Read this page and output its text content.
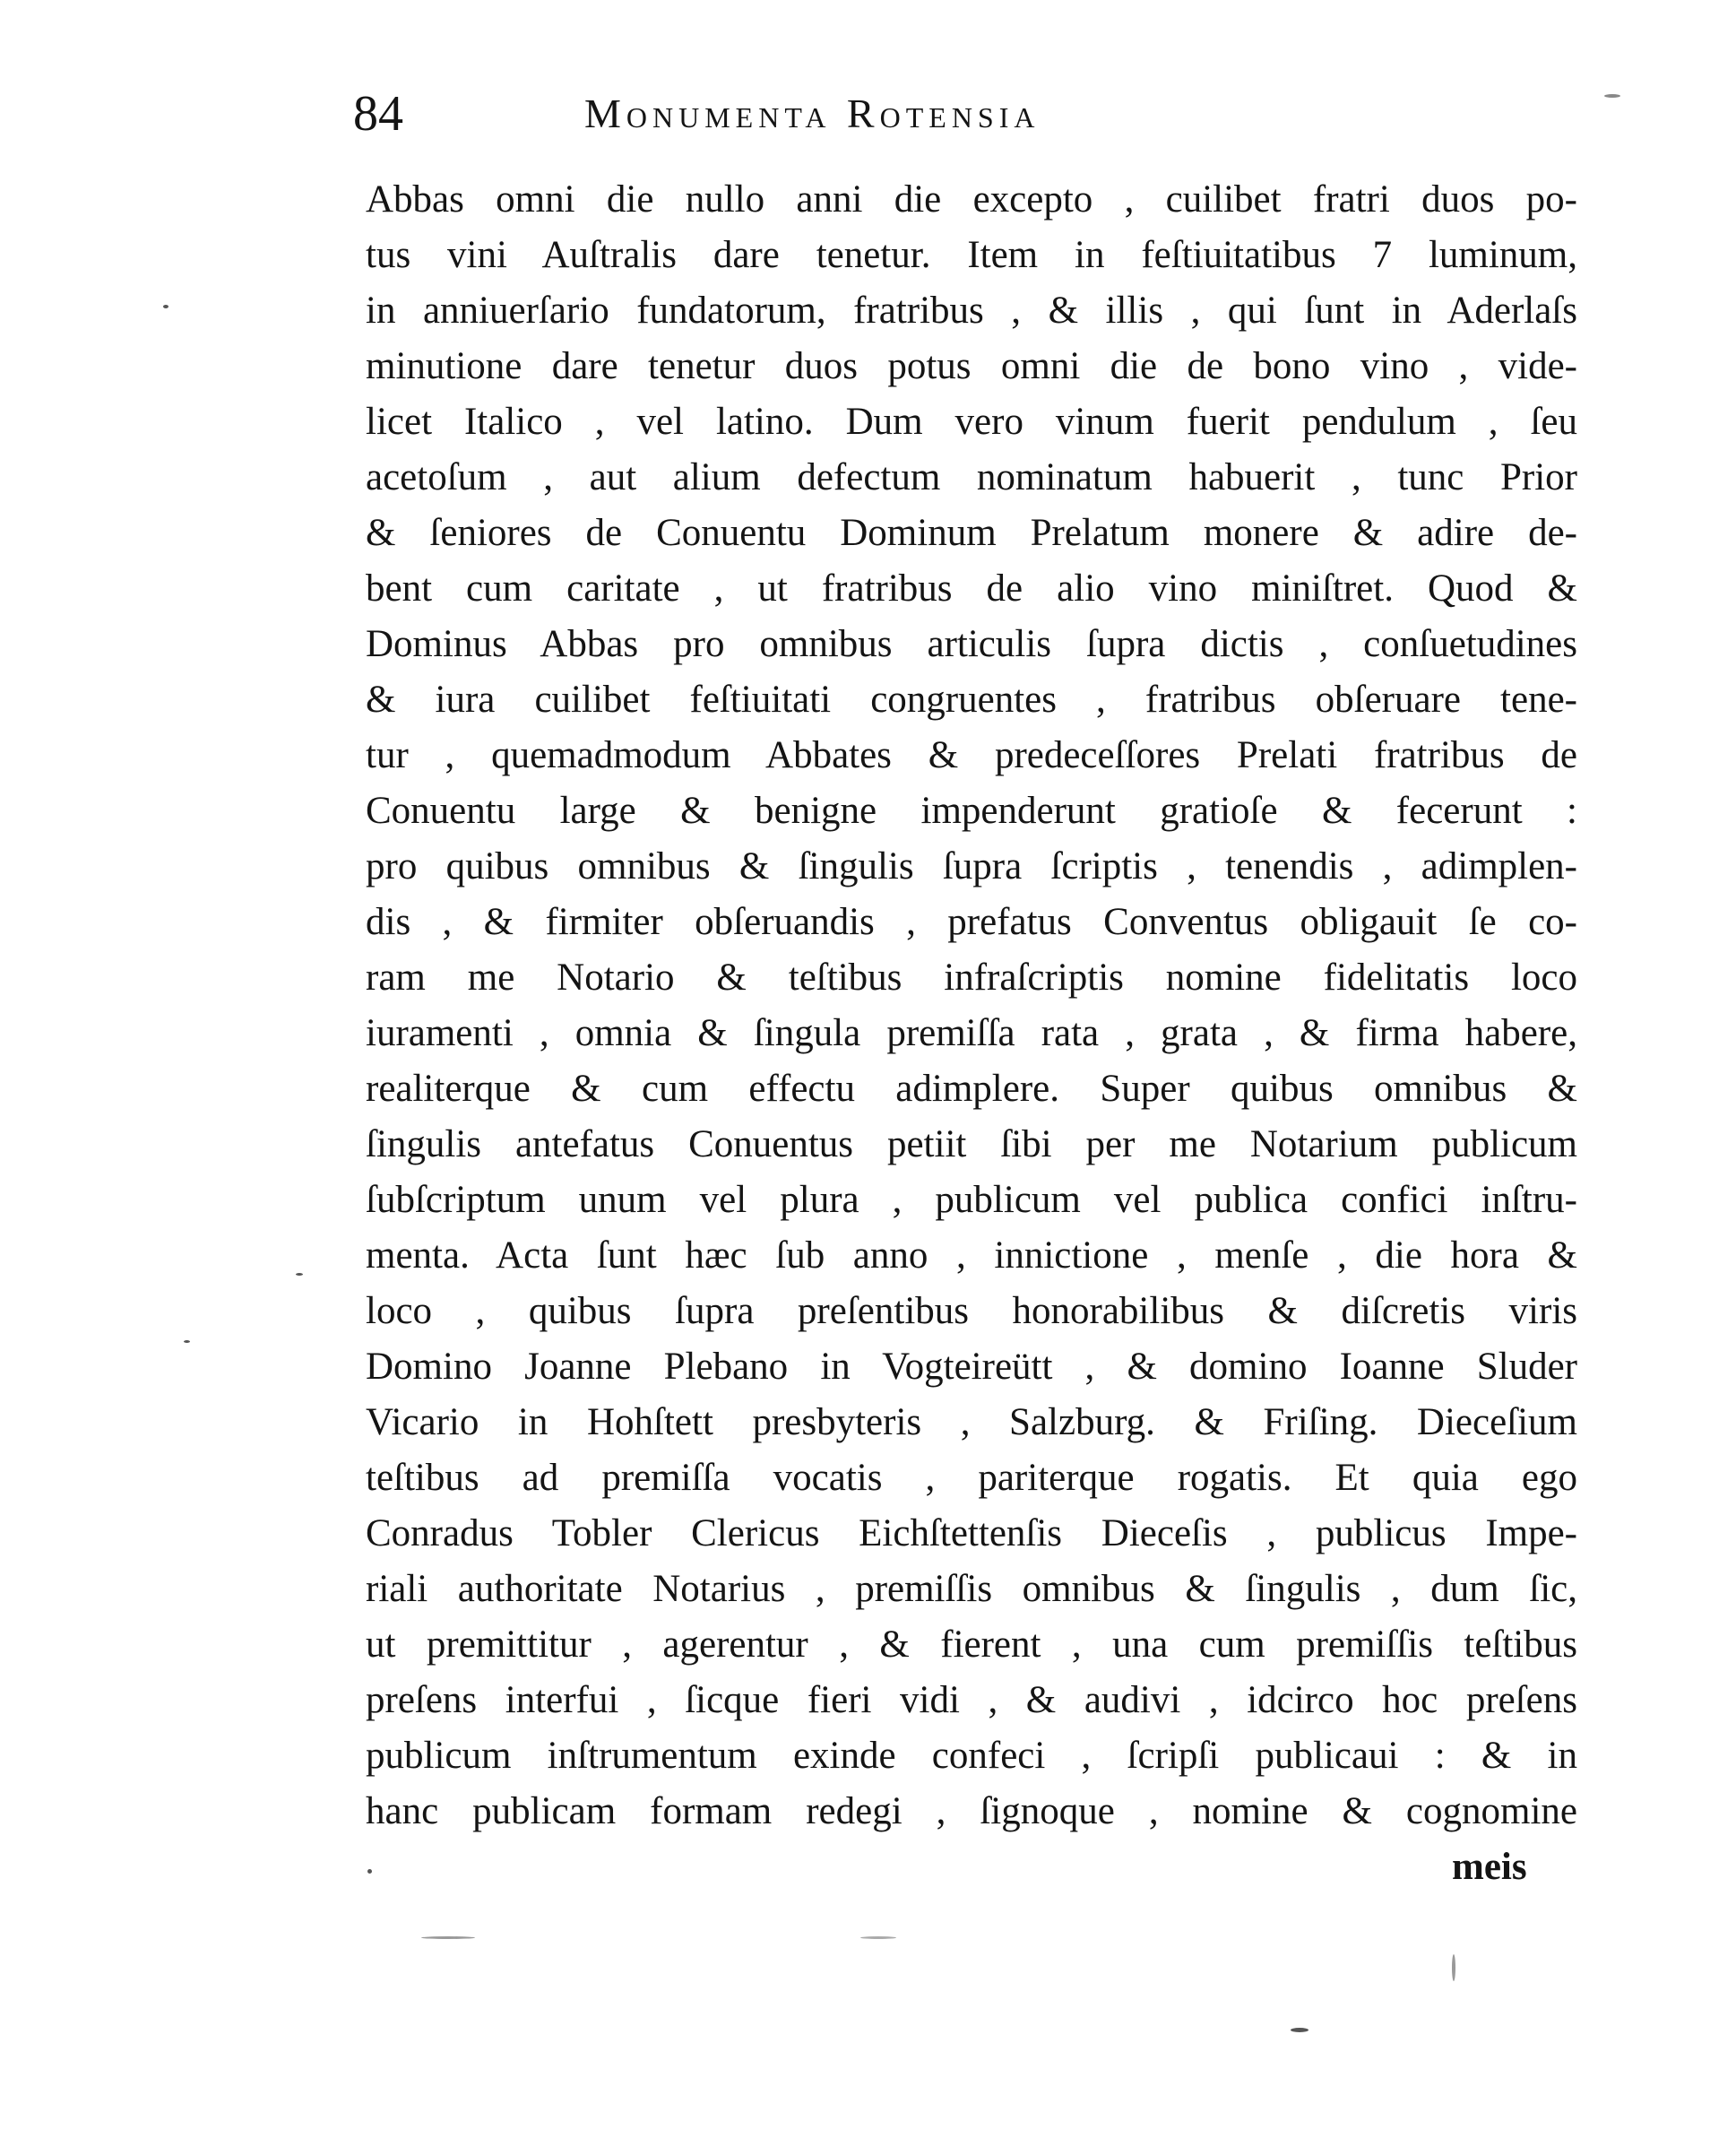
84	Monumenta Rotensia
Abbas omni die nullo anni die excepto , cuilibet fratri duos po-
tus vini Auſtralis dare tenetur. Item in feſtiuitatibus 7 luminum,
in anniuerſario fundatorum, fratribus , & illis , qui ſunt in Aderlaſs
minutione dare tenetur duos potus omni die de bono vino , vide-
licet Italico , vel latino. Dum vero vinum fuerit pendulum , ſeu
acetoſum , aut alium defectum nominatum habuerit , tunc Prior
& ſeniores de Conuentu Dominum Prelatum monere & adire de-
bent cum caritate , ut fratribus de alio vino miniſtret. Quod &
Dominus Abbas pro omnibus articulis ſupra dictis , conſuetudines
& iura cuilibet feſtiuitati congruentes , fratribus obſeruare tene-
tur , quemadmodum Abbates & predeceſſores Prelati fratribus de
Conuentu large & benigne impenderunt gratioſe & fecerunt :
pro quibus omnibus & ſingulis ſupra ſcriptis , tenendis , adimplen-
dis , & firmiter obſeruandis , prefatus Conventus obligauit ſe co-
ram me Notario & teſtibus infraſcriptis nomine fidelitatis loco
iuramenti , omnia & ſingula premiſſa rata , grata , & firma habere,
realiterque & cum effectu adimplere. Super quibus omnibus &
ſingulis antefatus Conuentus petiit ſibi per me Notarium publicum
ſubſcriptum unum vel plura , publicum vel publica confici inſtru-
menta. Acta ſunt hæc ſub anno , innictione , menſe , die hora &
loco , quibus ſupra preſentibus honorabilibus & diſcretis viris
Domino Joanne Plebano in Vogteireütt , & domino Ioanne Sluder
Vicario in Hohſtett presbyteris , Salzburg. & Friſing. Dieceſium
teſtibus ad premiſſa vocatis , pariterque rogatis. Et quia ego
Conradus Tobler Clericus Eichſtettenſis Dieceſis , publicus Impe-
riali authoritate Notarius , premiſſis omnibus & ſingulis , dum ſic,
ut premittitur , agerentur , & fierent , una cum premiſſis teſtibus
preſens interfui , ſicque fieri vidi , & audivi , idcirco hoc preſens
publicum inſtrumentum exinde confeci , ſcripſi publicaui : & in
hanc publicam formam redegi , ſignoque , nomine & cognomine
meis
